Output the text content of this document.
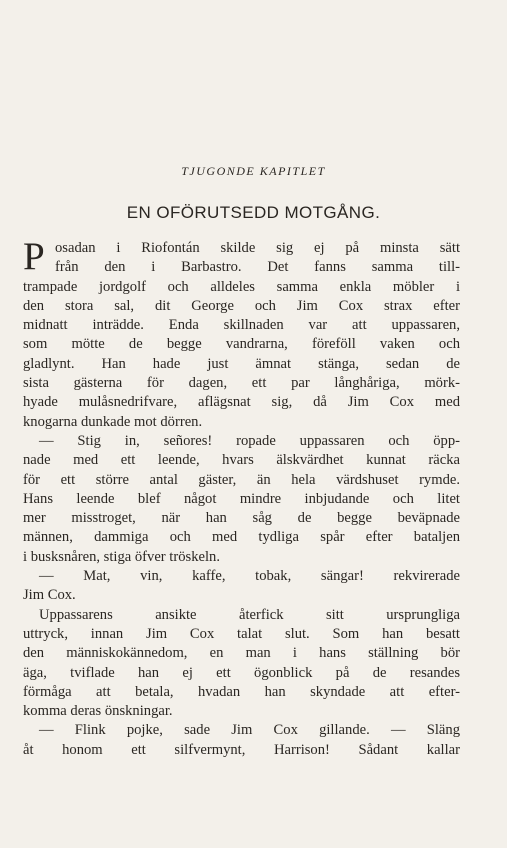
TJUGONDE KAPITLET
EN OFÖRUTSEDD MOTGÅNG.
P osadan i Riofontán skilde sig ej på minsta sätt
från den i Barbastro. Det fanns samma till-
trampade jordgolf och alldeles samma enkla möbler i
den stora sal, dit George och Jim Cox strax efter
midnatt inträdde. Enda skillnaden var att uppassaren,
som mötte de begge vandrarna, föreföll vaken och
gladlynt. Han hade just ämnat stänga, sedan de
sista gästerna för dagen, ett par långhåriga, mörk-
hyade mulåsnedrifvare, aflägsnat sig, då Jim Cox med
knogarna dunkade mot dörren.
— Stig in, señores! ropade uppassaren och öpp-
nade med ett leende, hvars älskvärdhet kunnat räcka
för ett större antal gäster, än hela värdshuset rymde.
Hans leende blef något mindre inbjudande och litet
mer misstroget, när han såg de begge beväpnade
männen, dammiga och med tydliga spår efter bataljen
i busksnåren, stiga öfver tröskeln.
— Mat, vin, kaffe, tobak, sängar! rekvirerade
Jim Cox.
Uppassarens ansikte återfick sitt ursprungliga
uttryck, innan Jim Cox talat slut. Som han besatt
den människokännedom, en man i hans ställning bör
äga, tviflade han ej ett ögonblick på de resandes
förmåga att betala, hvadan han skyndade att efter-
komma deras önskningar.
— Flink pojke, sade Jim Cox gillande. — Släng
åt honom ett silfvermynt, Harrison! Sådant kallar
